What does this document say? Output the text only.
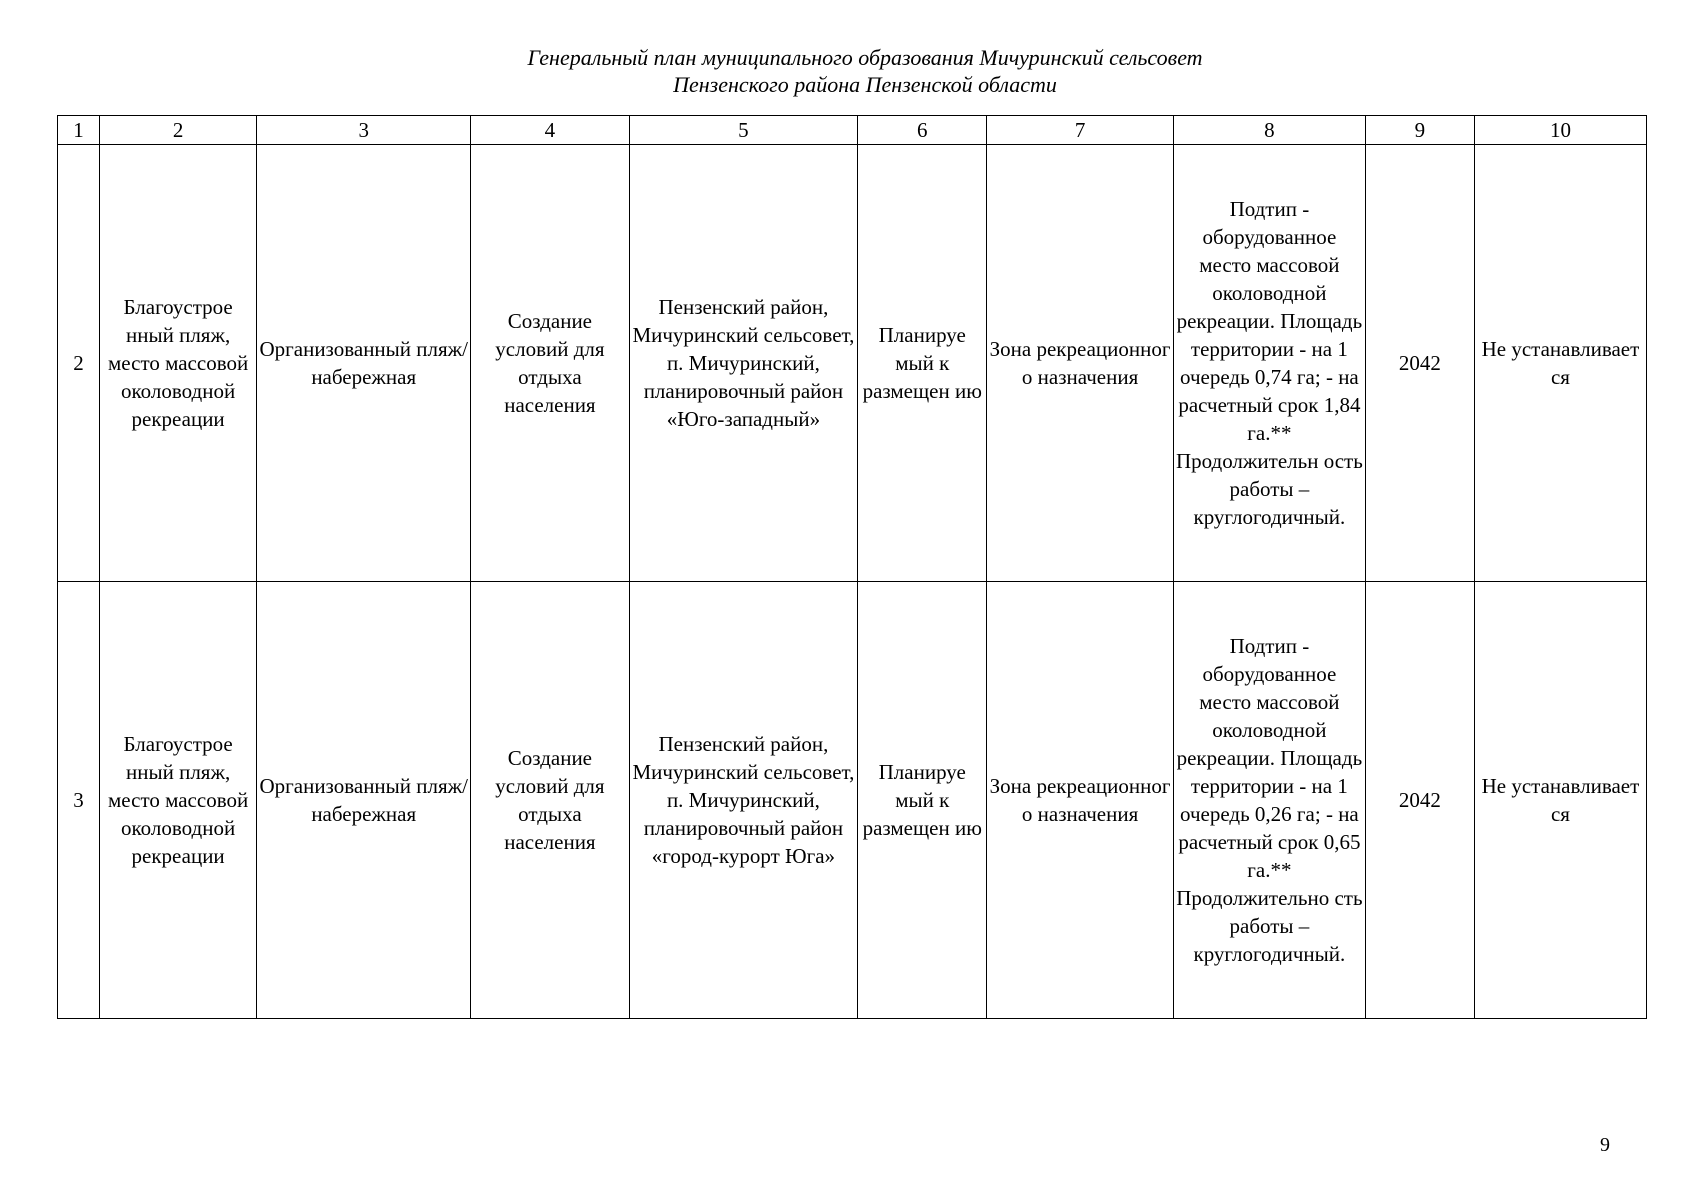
Генеральный план муниципального образования Мичуринский сельсовет
Пензенского района Пензенской области
1	2	3	4	5	6	7	8	9	10
2	Благоустрое нный пляж, место массовой околоводной рекреации	Организованный пляж/ набережная	Создание условий для отдыха населения	Пензенский район, Мичуринский сельсовет, п. Мичуринский, планировочный район «Юго-западный»	Планируе мый к размещен ию	Зона рекреационног о назначения	Подтип - оборудованное место массовой околоводной рекреации. Площадь территории - на 1 очередь 0,74 га; - на расчетный срок 1,84 га.** Продолжительн ость работы – круглогодичный.	2042	Не устанавливает ся
3	Благоустрое нный пляж, место массовой околоводной рекреации	Организованный пляж/ набережная	Создание условий для отдыха населения	Пензенский район, Мичуринский сельсовет, п. Мичуринский, планировочный район «город-курорт Юга»	Планируе мый к размещен ию	Зона рекреационног о назначения	Подтип - оборудованное место массовой околоводной рекреации. Площадь территории - на 1 очередь 0,26 га; - на расчетный срок 0,65 га.** Продолжительно сть работы – круглогодичный.	2042	Не устанавливает ся
9
